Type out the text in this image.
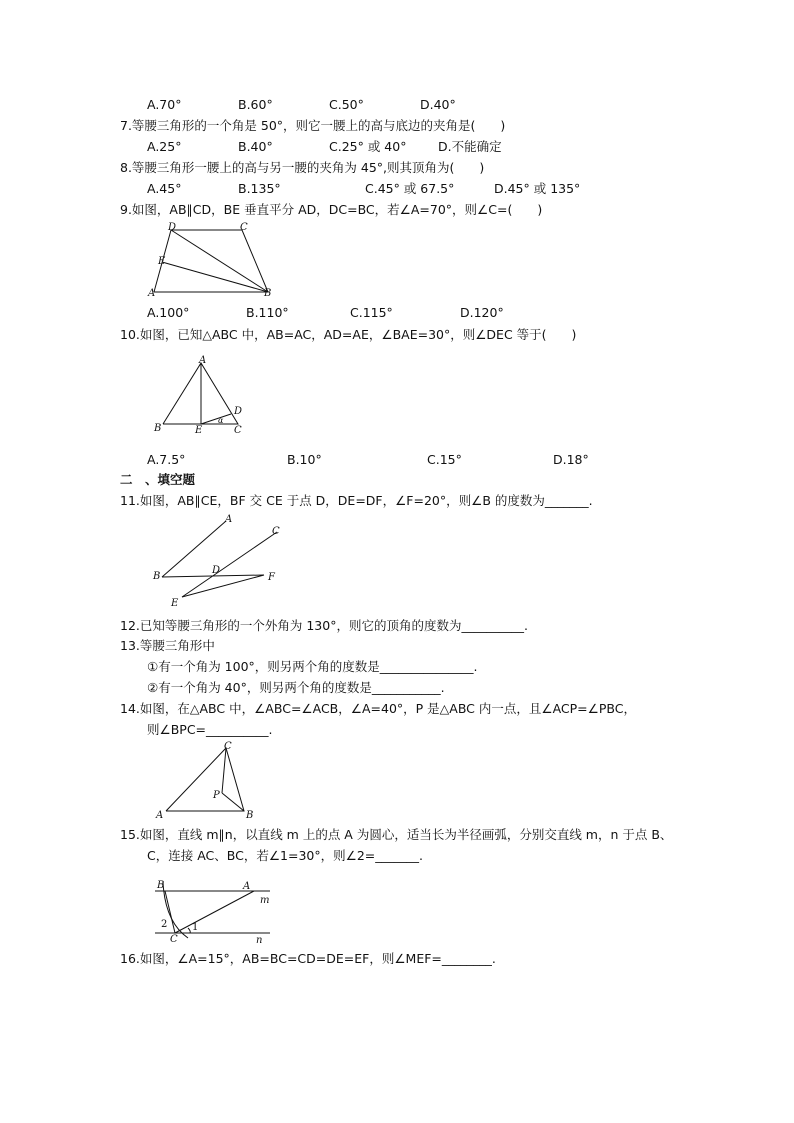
A.70°	B.60°	C.50°	D.40°
7.等腰三角形的一个角是 50°，则它一腰上的高与底边的夹角是(　　)
A.25°	B.40°	C.25° 或 40°	D.不能确定
8.等腰三角形一腰上的高与另一腰的夹角为 45°,则其顶角为(　　)
A.45°	B.135°	C.45° 或 67.5°	D.45° 或 135°
9.如图，AB∥CD，BE 垂直平分 AD，DC=BC，若∠A=70°，则∠C=(　　)
D	C
E
A	B
A.100°	B.110°	C.115°	D.120°
10.如图，已知△ABC 中，AB=AC，AD=AE，∠BAE=30°，则∠DEC 等于(　　)
A
B	E
D
C
α
A.7.5°	B.10°	C.15°	D.18°
二　、填空题
11.如图，AB∥CE，BF 交 CE 于点 D，DE=DF，∠F=20°，则∠B 的度数为_______.
A
C
B
D
F
E
12.已知等腰三角形的一个外角为 130°，则它的顶角的度数为__________.
13.等腰三角形中
①有一个角为 100°，则另两个角的度数是_______________.
②有一个角为 40°，则另两个角的度数是___________.
14.如图，在△ABC 中，∠ABC=∠ACB，∠A=40°，P 是△ABC 内一点，且∠ACP=∠PBC，
则∠BPC=__________.
C
A	B
P
15.如图，直线 m∥n，以直线 m 上的点 A 为圆心，适当长为半径画弧，分别交直线 m，n 于点 B、
C，连接 AC、BC，若∠1=30°，则∠2=_______.
B	A
m
n
C
2 1
16.如图，∠A=15°，AB=BC=CD=DE=EF，则∠MEF=________.
